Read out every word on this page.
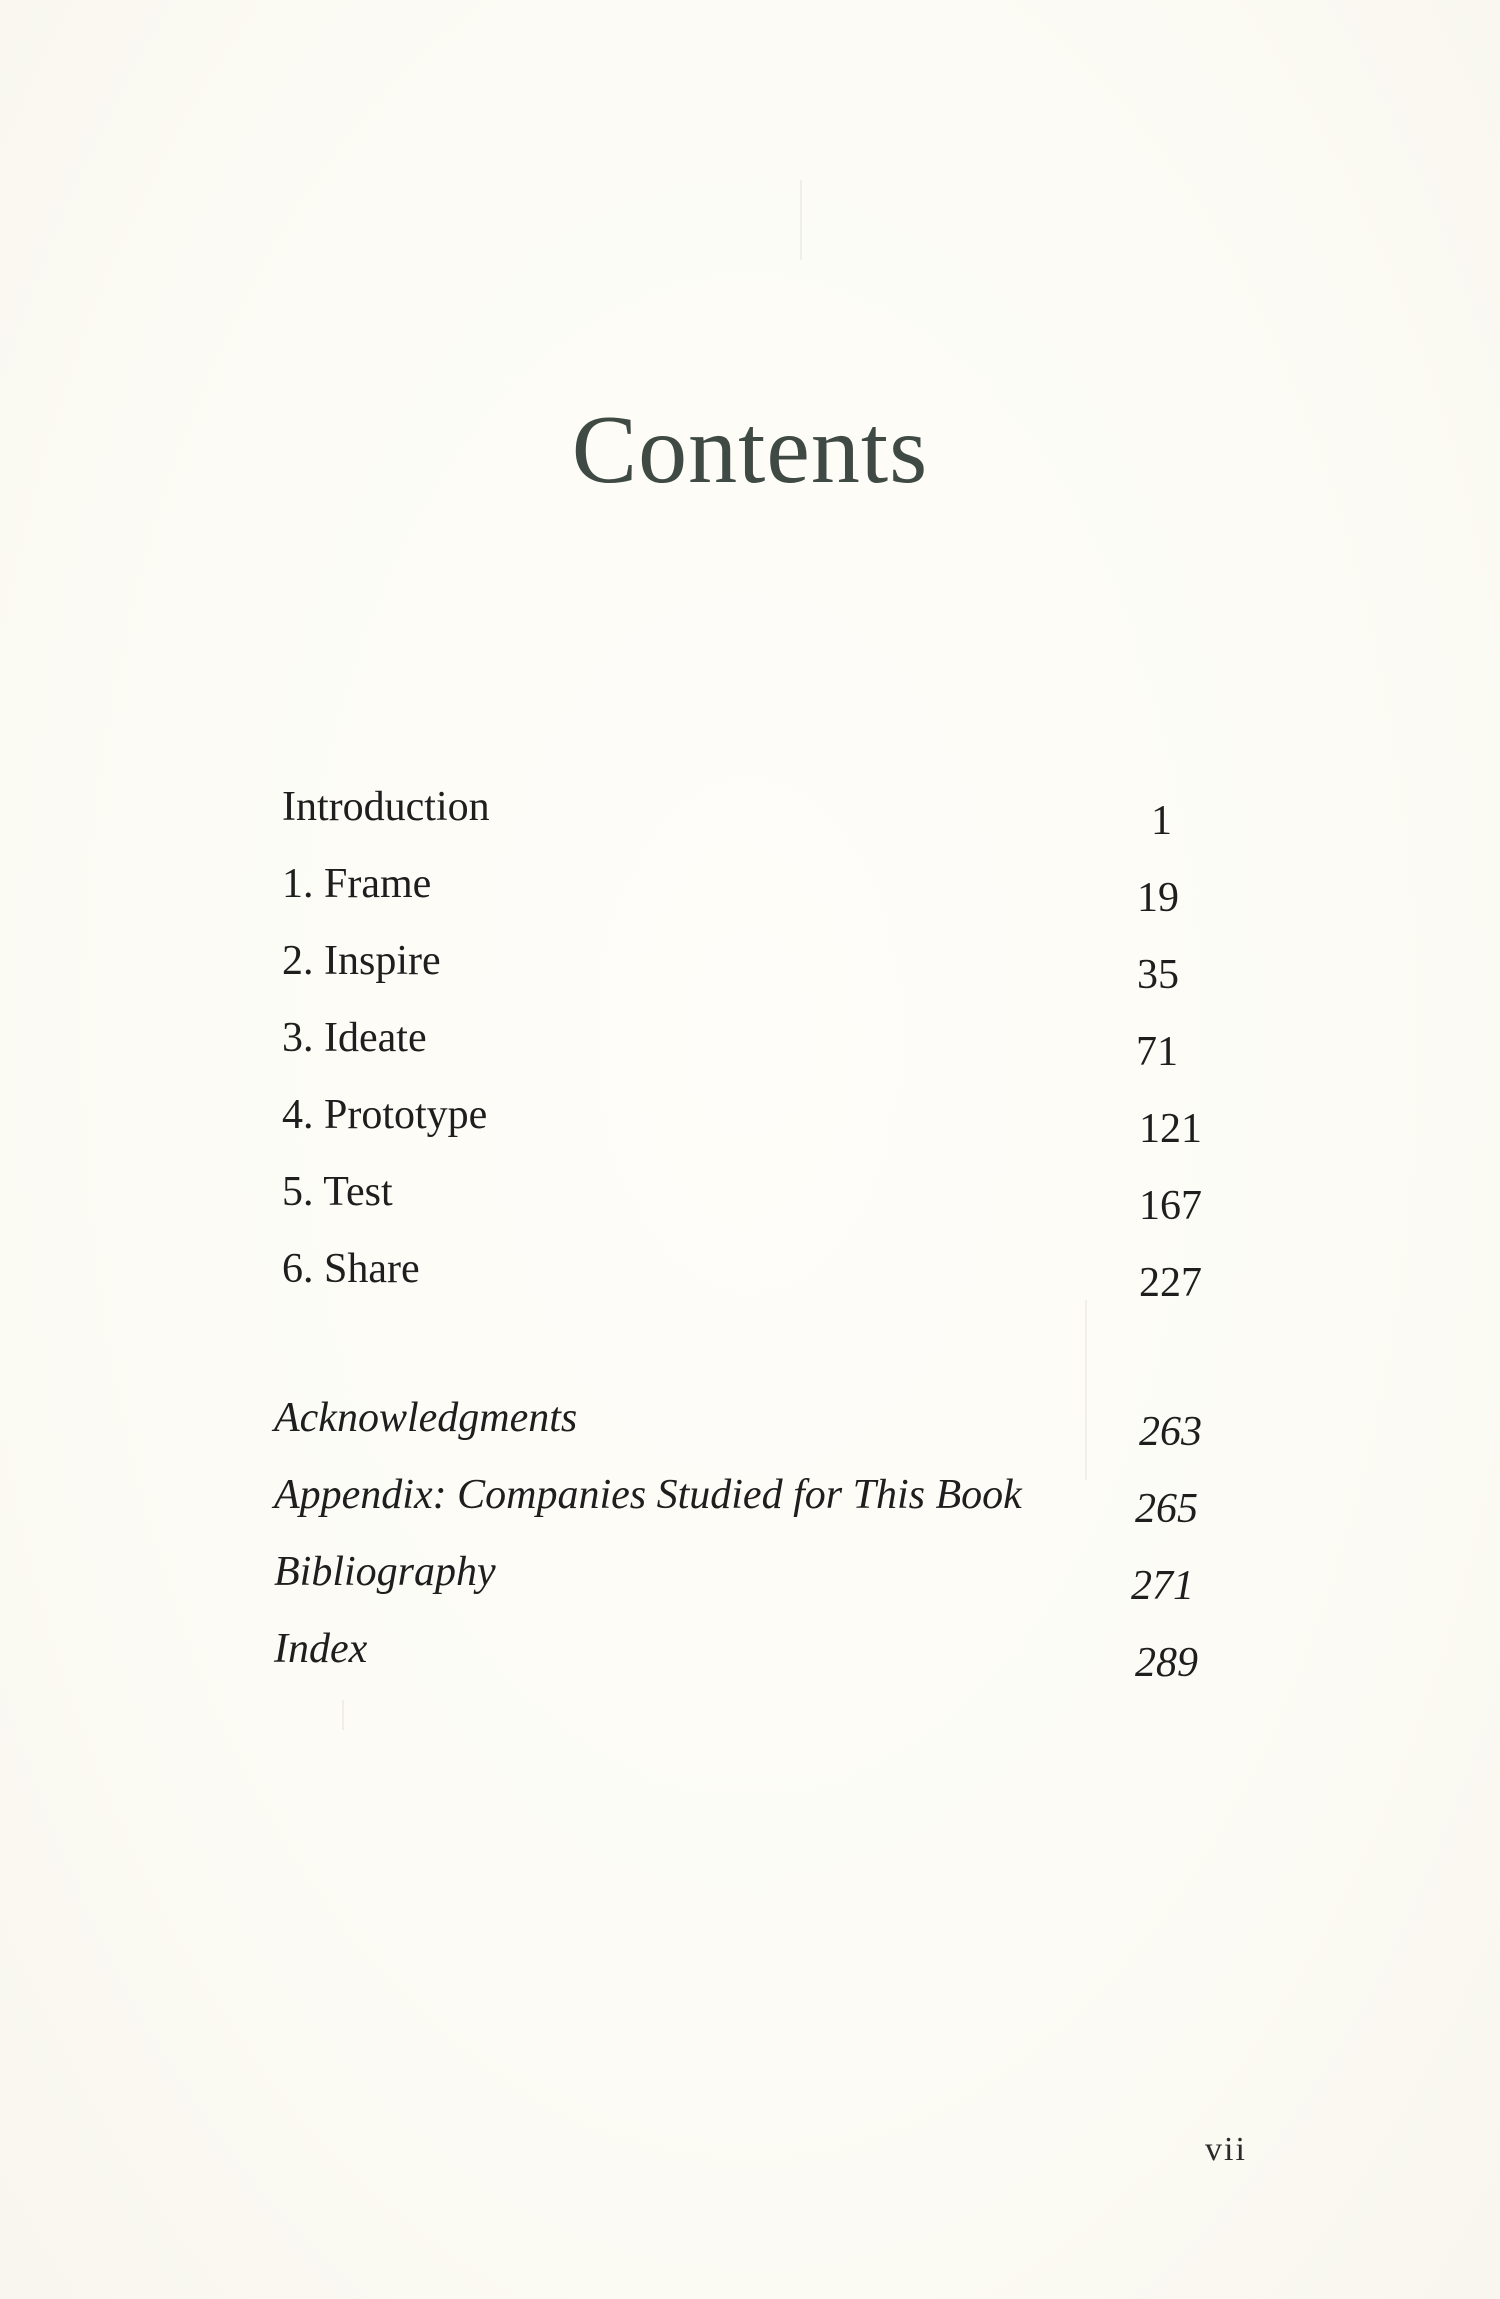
Contents
Introduction	1
1. Frame	19
2. Inspire	35
3. Ideate	71
4. Prototype	121
5. Test	167
6. Share	227
Acknowledgments	263
Appendix: Companies Studied for This Book	265
Bibliography	271
Index	289
vii
